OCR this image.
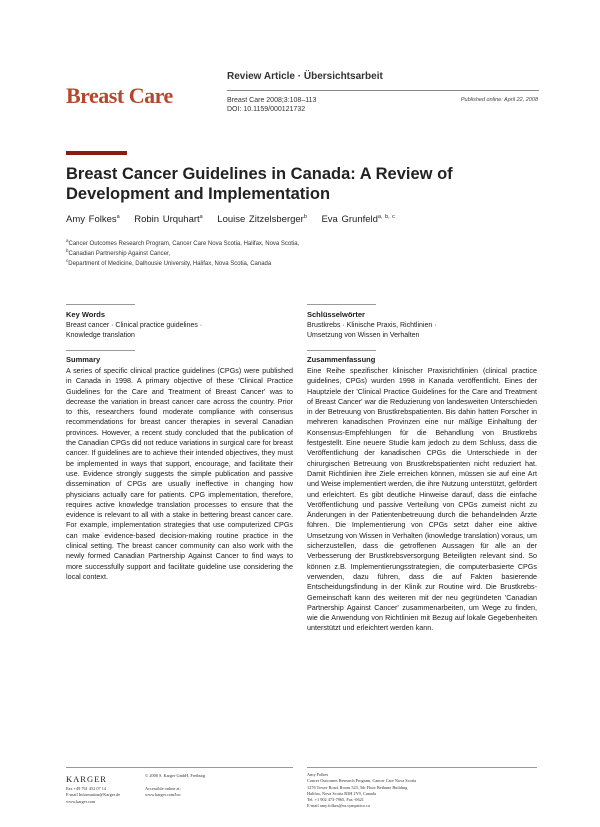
Breast Care
Review Article · Übersichtsarbeit
Breast Care 2008;3:108–113
DOI: 10.1159/000121732
Published online: April 22, 2008
Breast Cancer Guidelines in Canada: A Review of Development and Implementation
Amy Folkes$^a$ Robin Urquhart$^a$ Louise Zitzelsberger$^b$ Eva Grunfeld$^{a, b, c}$
$^a$Cancer Outcomes Research Program, Cancer Care Nova Scotia, Halifax, Nova Scotia,
$^b$Canadian Partnership Against Cancer,
$^c$Department of Medicine, Dalhousie University, Halifax, Nova Scotia, Canada
Key Words
Breast cancer · Clinical practice guidelines ·
Knowledge translation
Summary
A series of specific clinical practice guidelines (CPGs) were published in Canada in 1998. A primary objective of these 'Clinical Practice Guidelines for the Care and Treatment of Breast Cancer' was to decrease the variation in breast cancer care across the country. Prior to this, researchers found moderate compliance with consensus recommendations for breast cancer therapies in several Canadian provinces. However, a recent study concluded that the publication of the Canadian CPGs did not reduce variations in surgical care for breast cancer. If guidelines are to achieve their intended objectives, they must be implemented in ways that support, encourage, and facilitate their use. Evidence strongly suggests the simple publication and passive dissemination of CPGs are usually ineffective in changing how physicians actually care for patients. CPG implementation, therefore, requires active knowledge translation processes to ensure that the evidence is relevant to all with a stake in bettering breast cancer care. For example, implementation strategies that use computerized CPGs can make evidence-based decision-making routine practice in the clinical setting. The breast cancer community can also work with the newly formed Canadian Partnership Against Cancer to find ways to more successfully support and facilitate guideline use considering the local context.
Schlüsselwörter
Brustkrebs · Klinische Praxis, Richtlinien ·
Umsetzung von Wissen in Verhalten
Zusammenfassung
Eine Reihe spezifischer klinischer Praxisrichtlinien (clinical practice guidelines, CPGs) wurden 1998 in Kanada veröffentlicht. Eines der Hauptziele der 'Clinical Practice Guidelines for the Care and Treatment of Breast Cancer' war die Reduzierung von landesweiten Unterschieden in der Betreuung von Brustkrebspatienten. Bis dahin hatten Forscher in mehreren kanadischen Provinzen eine nur mäßige Einhaltung der Konsensus-Empfehlungen für die Behandlung von Brustkrebs festgestellt. Eine neuere Studie kam jedoch zu dem Schluss, dass die Veröffentlichung der kanadischen CPGs die Unterschiede in der chirurgischen Betreuung von Brustkrebspatienten nicht reduziert hat. Damit Richtlinien ihre Ziele erreichen können, müssen sie auf eine Art und Weise implementiert werden, die ihre Nutzung unterstützt, gefördert und erleichtert. Es gibt deutliche Hinweise darauf, dass die einfache Veröffentlichung und passive Verteilung von CPGs zumeist nicht zu Änderungen in der Patientenbetreuung durch die behandelnden Ärzte führen. Die Implementierung von CPGs setzt daher eine aktive Umsetzung von Wissen in Verhalten (knowledge translation) voraus, um sicherzustellen, dass die getroffenen Aussagen für alle an der Verbesserung der Brustkrebsversorgung Beteiligten relevant sind. So können z.B. Implementierungsstrategien, die computerbasierte CPGs verwenden, dazu führen, dass die auf Fakten basierende Entscheidungsfindung in der Klinik zur Routine wird. Die Brustkrebs-Gemeinschaft kann des weiteren mit der neu gegründeten 'Canadian Partnership Against Cancer' zusammenarbeiten, um Wege zu finden, wie die Anwendung von Richtlinien mit Bezug auf lokale Gegebenheiten unterstützt und erleichtert werden kann.
KARGER
Fax +49 761 452 07 14
E-mail Information@Karger.de
www.karger.com
© 2008 S. Karger GmbH, Freiburg
Accessible online at:
www.karger.com/brc
Amy Folkes
Cancer Outcomes Research Program, Cancer Care Nova Scotia
1276 Tower Road, Room 523, 5th Floor Bethune Building
Halifax, Nova Scotia B3H 2Y9, Canada
Tel. +1 902 473-7965, Fax -0621
E-mail amy.folkes@ns.sympatico.ca
